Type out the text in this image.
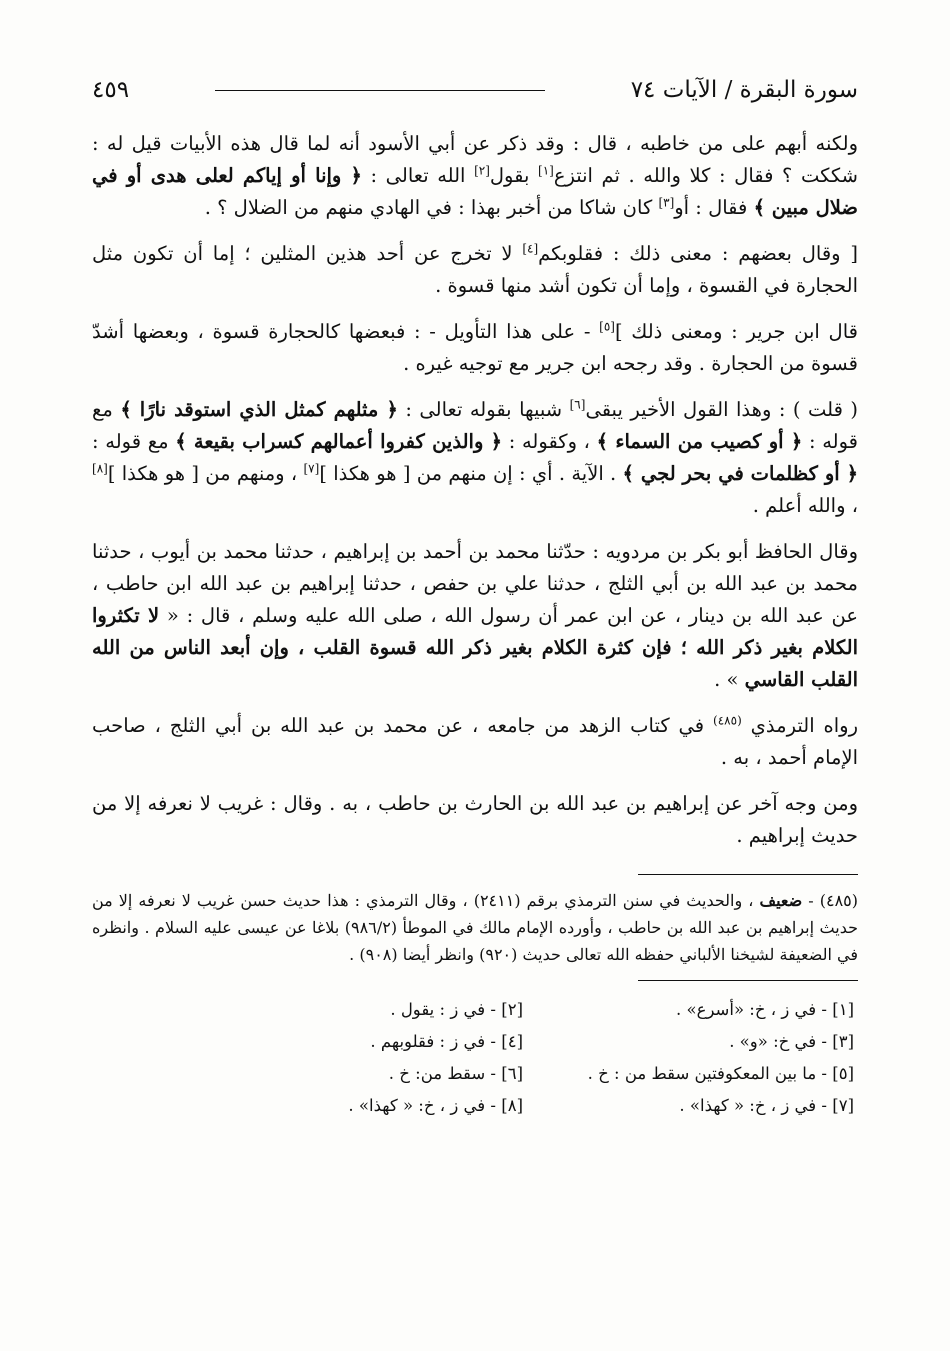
سورة البقرة / الآيات ٧٤
٤٥٩

ولكنه أبهم على من خاطبه ، قال : وقد ذكر عن أبي الأسود أنه لما قال هذه الأبيات قيل له : شككت ؟ فقال : كلا والله . ثم انتزع[١] بقول[٢] الله تعالى : ﴿ وإنا أو إياكم لعلى هدى أو في ضلال مبين ﴾ فقال : أو[٣] كان شاكا من أخبر بهذا : في الهادي منهم من الضلال ؟ .

[ وقال بعضهم : معنى ذلك : فقلوبكم[٤] لا تخرج عن أحد هذين المثلين ؛ إما أن تكون مثل الحجارة في القسوة ، وإما أن تكون أشد منها قسوة .

قال ابن جرير : ومعنى ذلك ][٥] - على هذا التأويل - : فبعضها كالحجارة قسوة ، وبعضها أشدّ قسوة من الحجارة . وقد رجحه ابن جرير مع توجيه غيره .

( قلت ) : وهذا القول الأخير يبقى[٦] شبيها بقوله تعالى : ﴿ مثلهم كمثل الذي استوقد نارًا ﴾ مع قوله : ﴿ أو كصيب من السماء ﴾ ، وكقوله : ﴿ والذين كفروا أعمالهم كسراب بقيعة ﴾ مع قوله : ﴿ أو كظلمات في بحر لجي ﴾ . الآية . أي : إن منهم من [ هو هكذا ][٧] ، ومنهم من [ هو هكذا ][٨] ، والله أعلم .

وقال الحافظ أبو بكر بن مردويه : حدّثنا محمد بن أحمد بن إبراهيم ، حدثنا محمد بن أيوب ، حدثنا محمد بن عبد الله بن أبي الثلج ، حدثنا علي بن حفص ، حدثنا إبراهيم بن عبد الله ابن حاطب ، عن عبد الله بن دينار ، عن ابن عمر أن رسول الله ، صلى الله عليه وسلم ، قال : « لا تكثروا الكلام بغير ذكر الله ؛ فإن كثرة الكلام بغير ذكر الله قسوة القلب ، وإن أبعد الناس من الله القلب القاسي » .

رواه الترمذي $^{(٤٨٥)}$ في كتاب الزهد من جامعه ، عن محمد بن عبد الله بن أبي الثلج ، صاحب الإمام أحمد ، به .

ومن وجه آخر عن إبراهيم بن عبد الله بن الحارث بن حاطب ، به . وقال : غريب لا نعرفه إلا من حديث إبراهيم .

(٤٨٥) - ضعيف ، والحديث في سنن الترمذي برقم (٢٤١١) ، وقال الترمذي : هذا حديث حسن غريب لا نعرفه إلا من حديث إبراهيم بن عبد الله بن حاطب ، وأورده الإمام مالك في الموطأ (٩٨٦/٢) بلاغا عن عيسى عليه السلام . وانظره في الضعيفة لشيخنا الألباني حفظه الله تعالى حديث (٩٢٠) وانظر أيضا (٩٠٨) .

[١] - في ز ، خ: «أسرع» .
[٢] - في ز : يقول .
[٣] - في خ: «و» .
[٤] - في ز : فقلوبهم .
[٥] - ما بين المعكوفتين سقط من : خ .
[٦] - سقط من: خ .
[٧] - في ز ، خ: « كهذا» .
[٨] - في ز ، خ: « كهذا» .
